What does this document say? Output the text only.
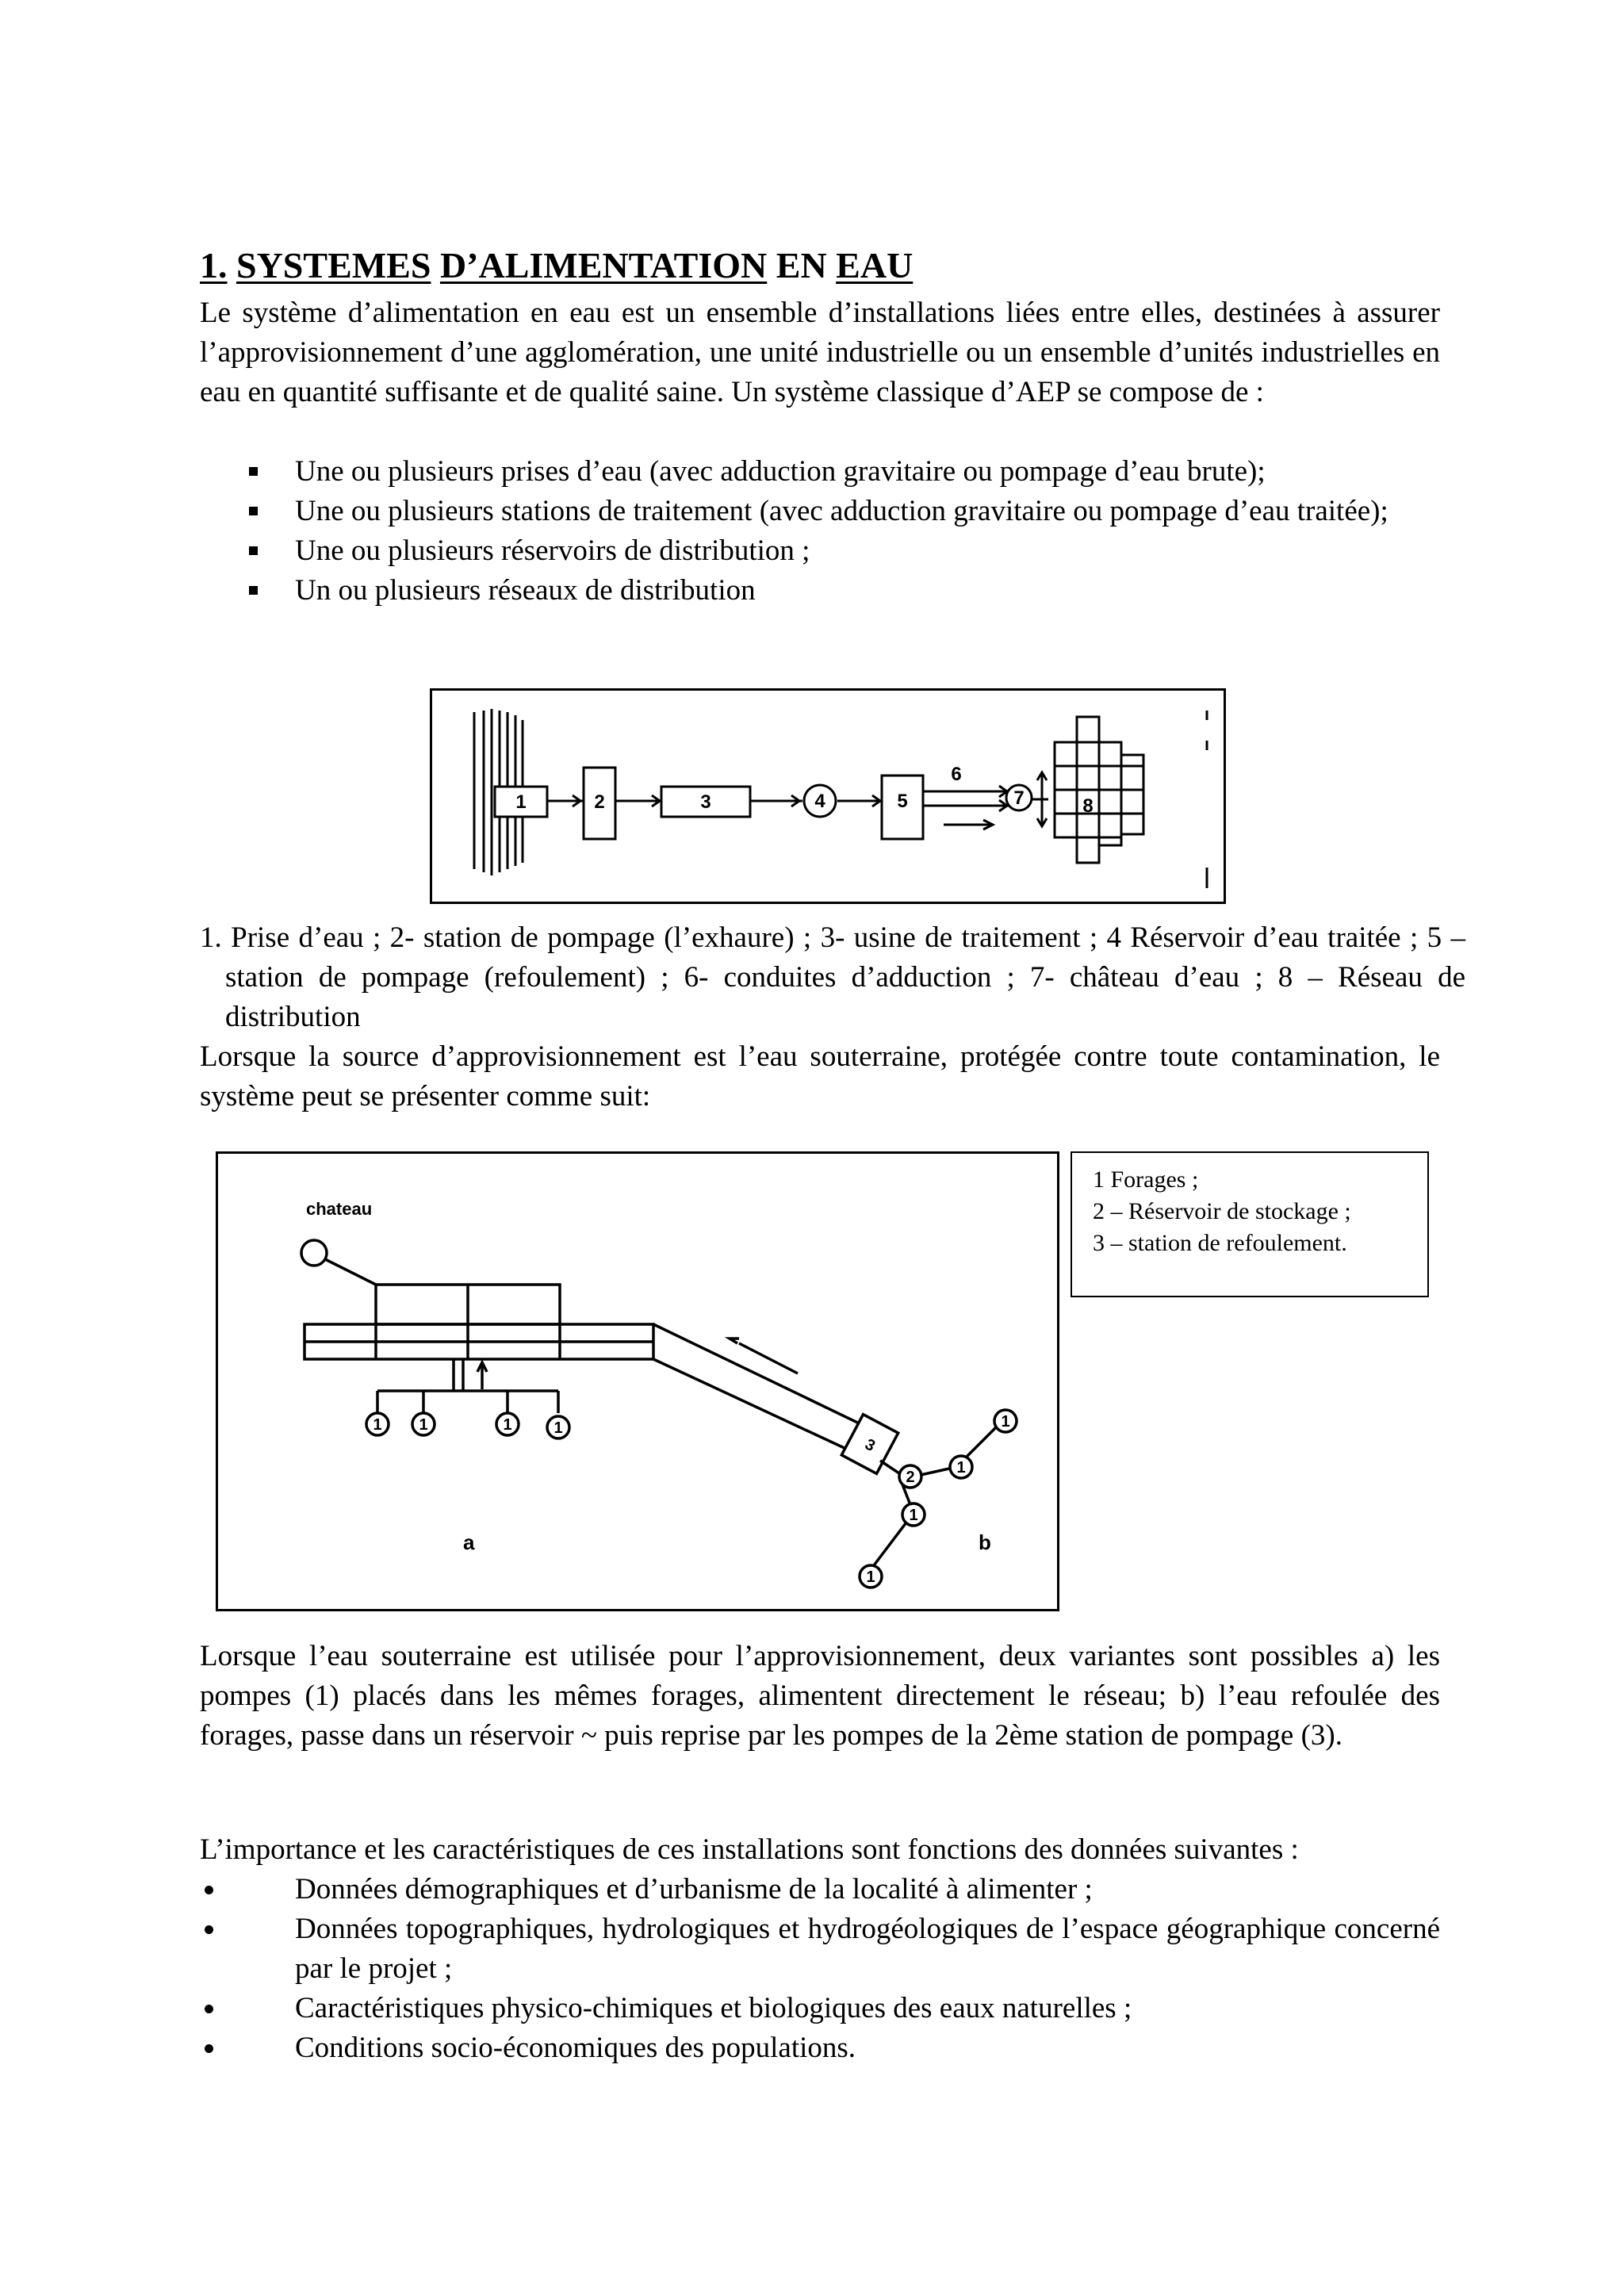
1. SYSTEMES D’ALIMENTATION EN EAU
Le système d’alimentation en eau est un ensemble d’installations liées entre elles, destinées à assurer l’approvisionnement d’une agglomération, une unité industrielle ou un ensemble d’unités industrielles en eau en quantité suffisante et de qualité saine. Un système classique d’AEP se compose de :
Une ou plusieurs prises d’eau (avec adduction gravitaire ou pompage d’eau brute);
Une ou plusieurs stations de traitement (avec adduction gravitaire ou pompage d’eau traitée);
Une ou plusieurs réservoirs de distribution ;
Un ou plusieurs réseaux de distribution
1	2	3	4	5
6
7	8
1. Prise d’eau ; 2- station de pompage (l’exhaure) ; 3- usine de traitement ; 4 Réservoir d’eau traitée ; 5 – station de pompage (refoulement) ; 6- conduites d’adduction ; 7- château d’eau ; 8 – Réseau de distribution
Lorsque la source d’approvisionnement est l’eau souterraine, protégée contre toute contamination, le système peut se présenter comme suit:
chateau
a	b
1 1	1	1
2
1
1
1
1
3
1 Forages ;
2 – Réservoir de stockage ;
3 – station de refoulement.
Lorsque l’eau souterraine est utilisée pour l’approvisionnement, deux variantes sont possibles a) les pompes (1) placés dans les mêmes forages, alimentent directement le réseau; b) l’eau refoulée des forages, passe dans un réservoir ~ puis reprise par les pompes de la 2ème station de pompage (3).
L’importance et les caractéristiques de ces installations sont fonctions des données suivantes :
Données démographiques et d’urbanisme de la localité à alimenter ;
Données topographiques, hydrologiques et hydrogéologiques de l’espace géographique concerné par le projet ;
Caractéristiques physico-chimiques et biologiques des eaux naturelles ;
Conditions socio-économiques des populations.
